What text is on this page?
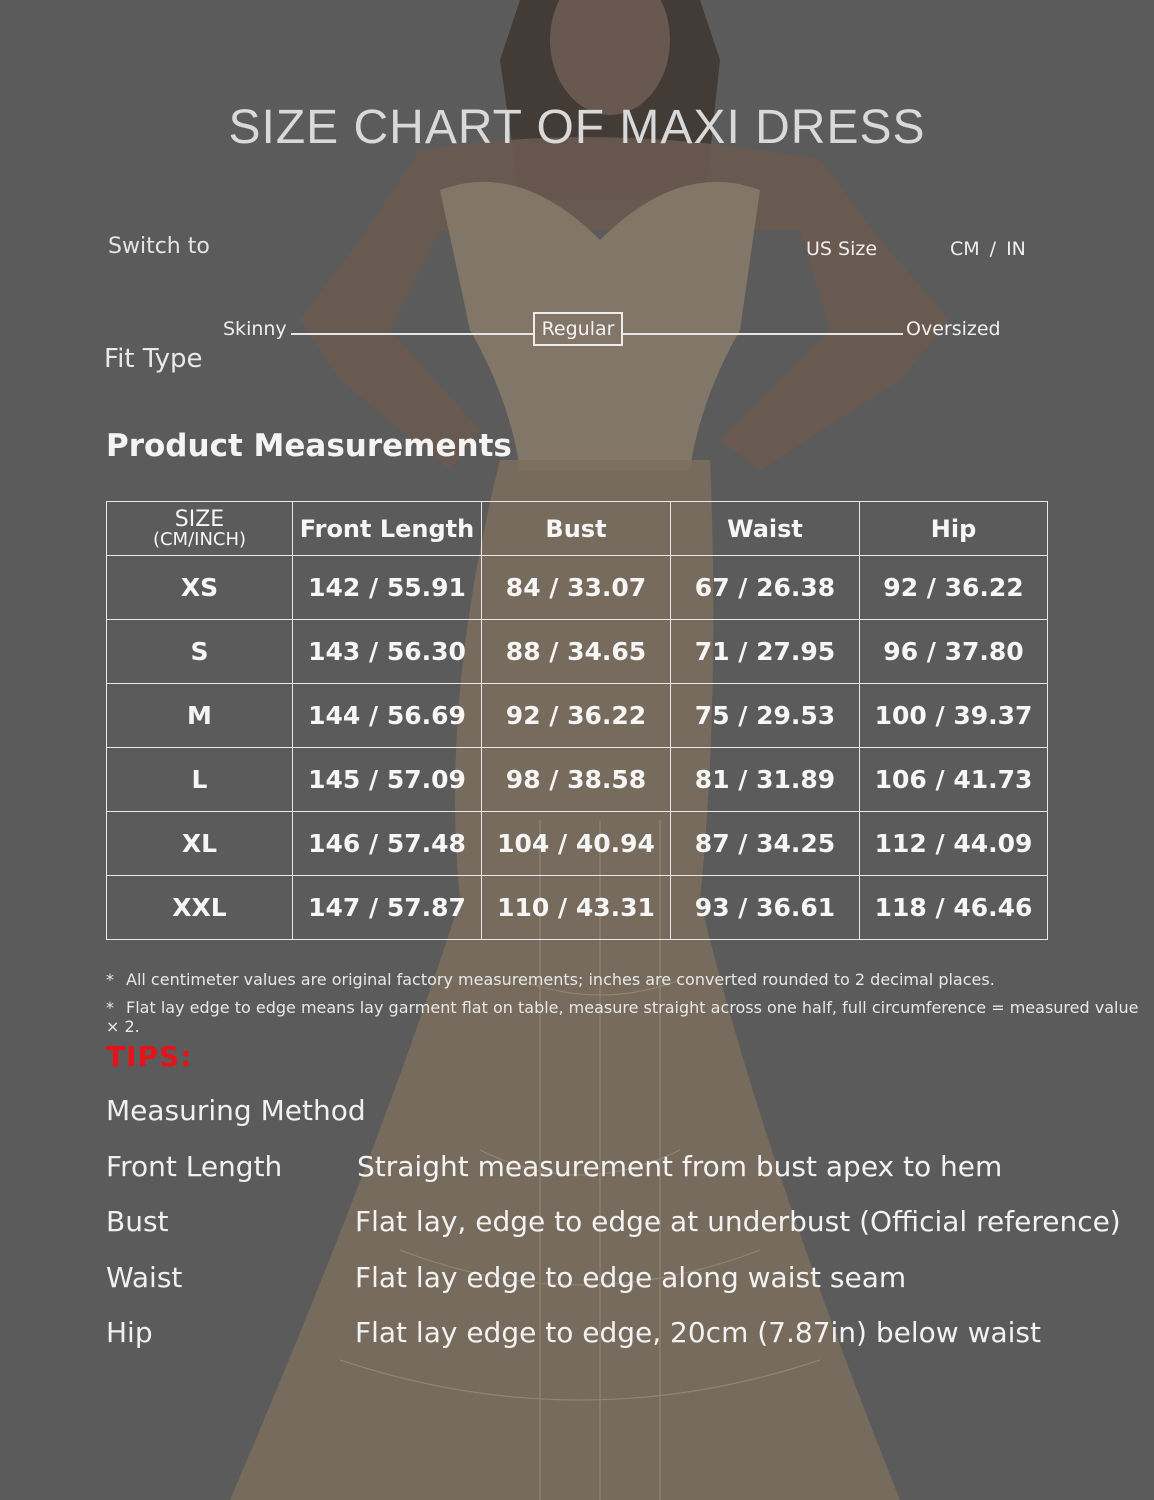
SIZE CHART OF MAXI DRESS
Switch to	US Size	CM / IN
Skinny	Regular	Oversized
Fit Type
Product Measurements
SIZE
(CM/INCH)	Front Length	Bust	Waist	Hip
XS	142 / 55.91	84 / 33.07	67 / 26.38	92 / 36.22
S	143 / 56.30	88 / 34.65	71 / 27.95	96 / 37.80
M	144 / 56.69	92 / 36.22	75 / 29.53	100 / 39.37
L	145 / 57.09	98 / 38.58	81 / 31.89	106 / 41.73
XL	146 / 57.48	104 / 40.94	87 / 34.25	112 / 44.09
XXL	147 / 57.87	110 / 43.31	93 / 36.61	118 / 46.46
* All centimeter values are original factory measurements; inches are converted rounded to 2 decimal places.
* Flat lay edge to edge means lay garment flat on table, measure straight across one half, full circumference = measured value × 2.
TIPS:
Measuring Method
Front Length	Straight measurement from bust apex to hem
Bust	Flat lay, edge to edge at underbust (Official reference)
Waist	Flat lay edge to edge along waist seam
Hip	Flat lay edge to edge, 20cm (7.87in) below waist
